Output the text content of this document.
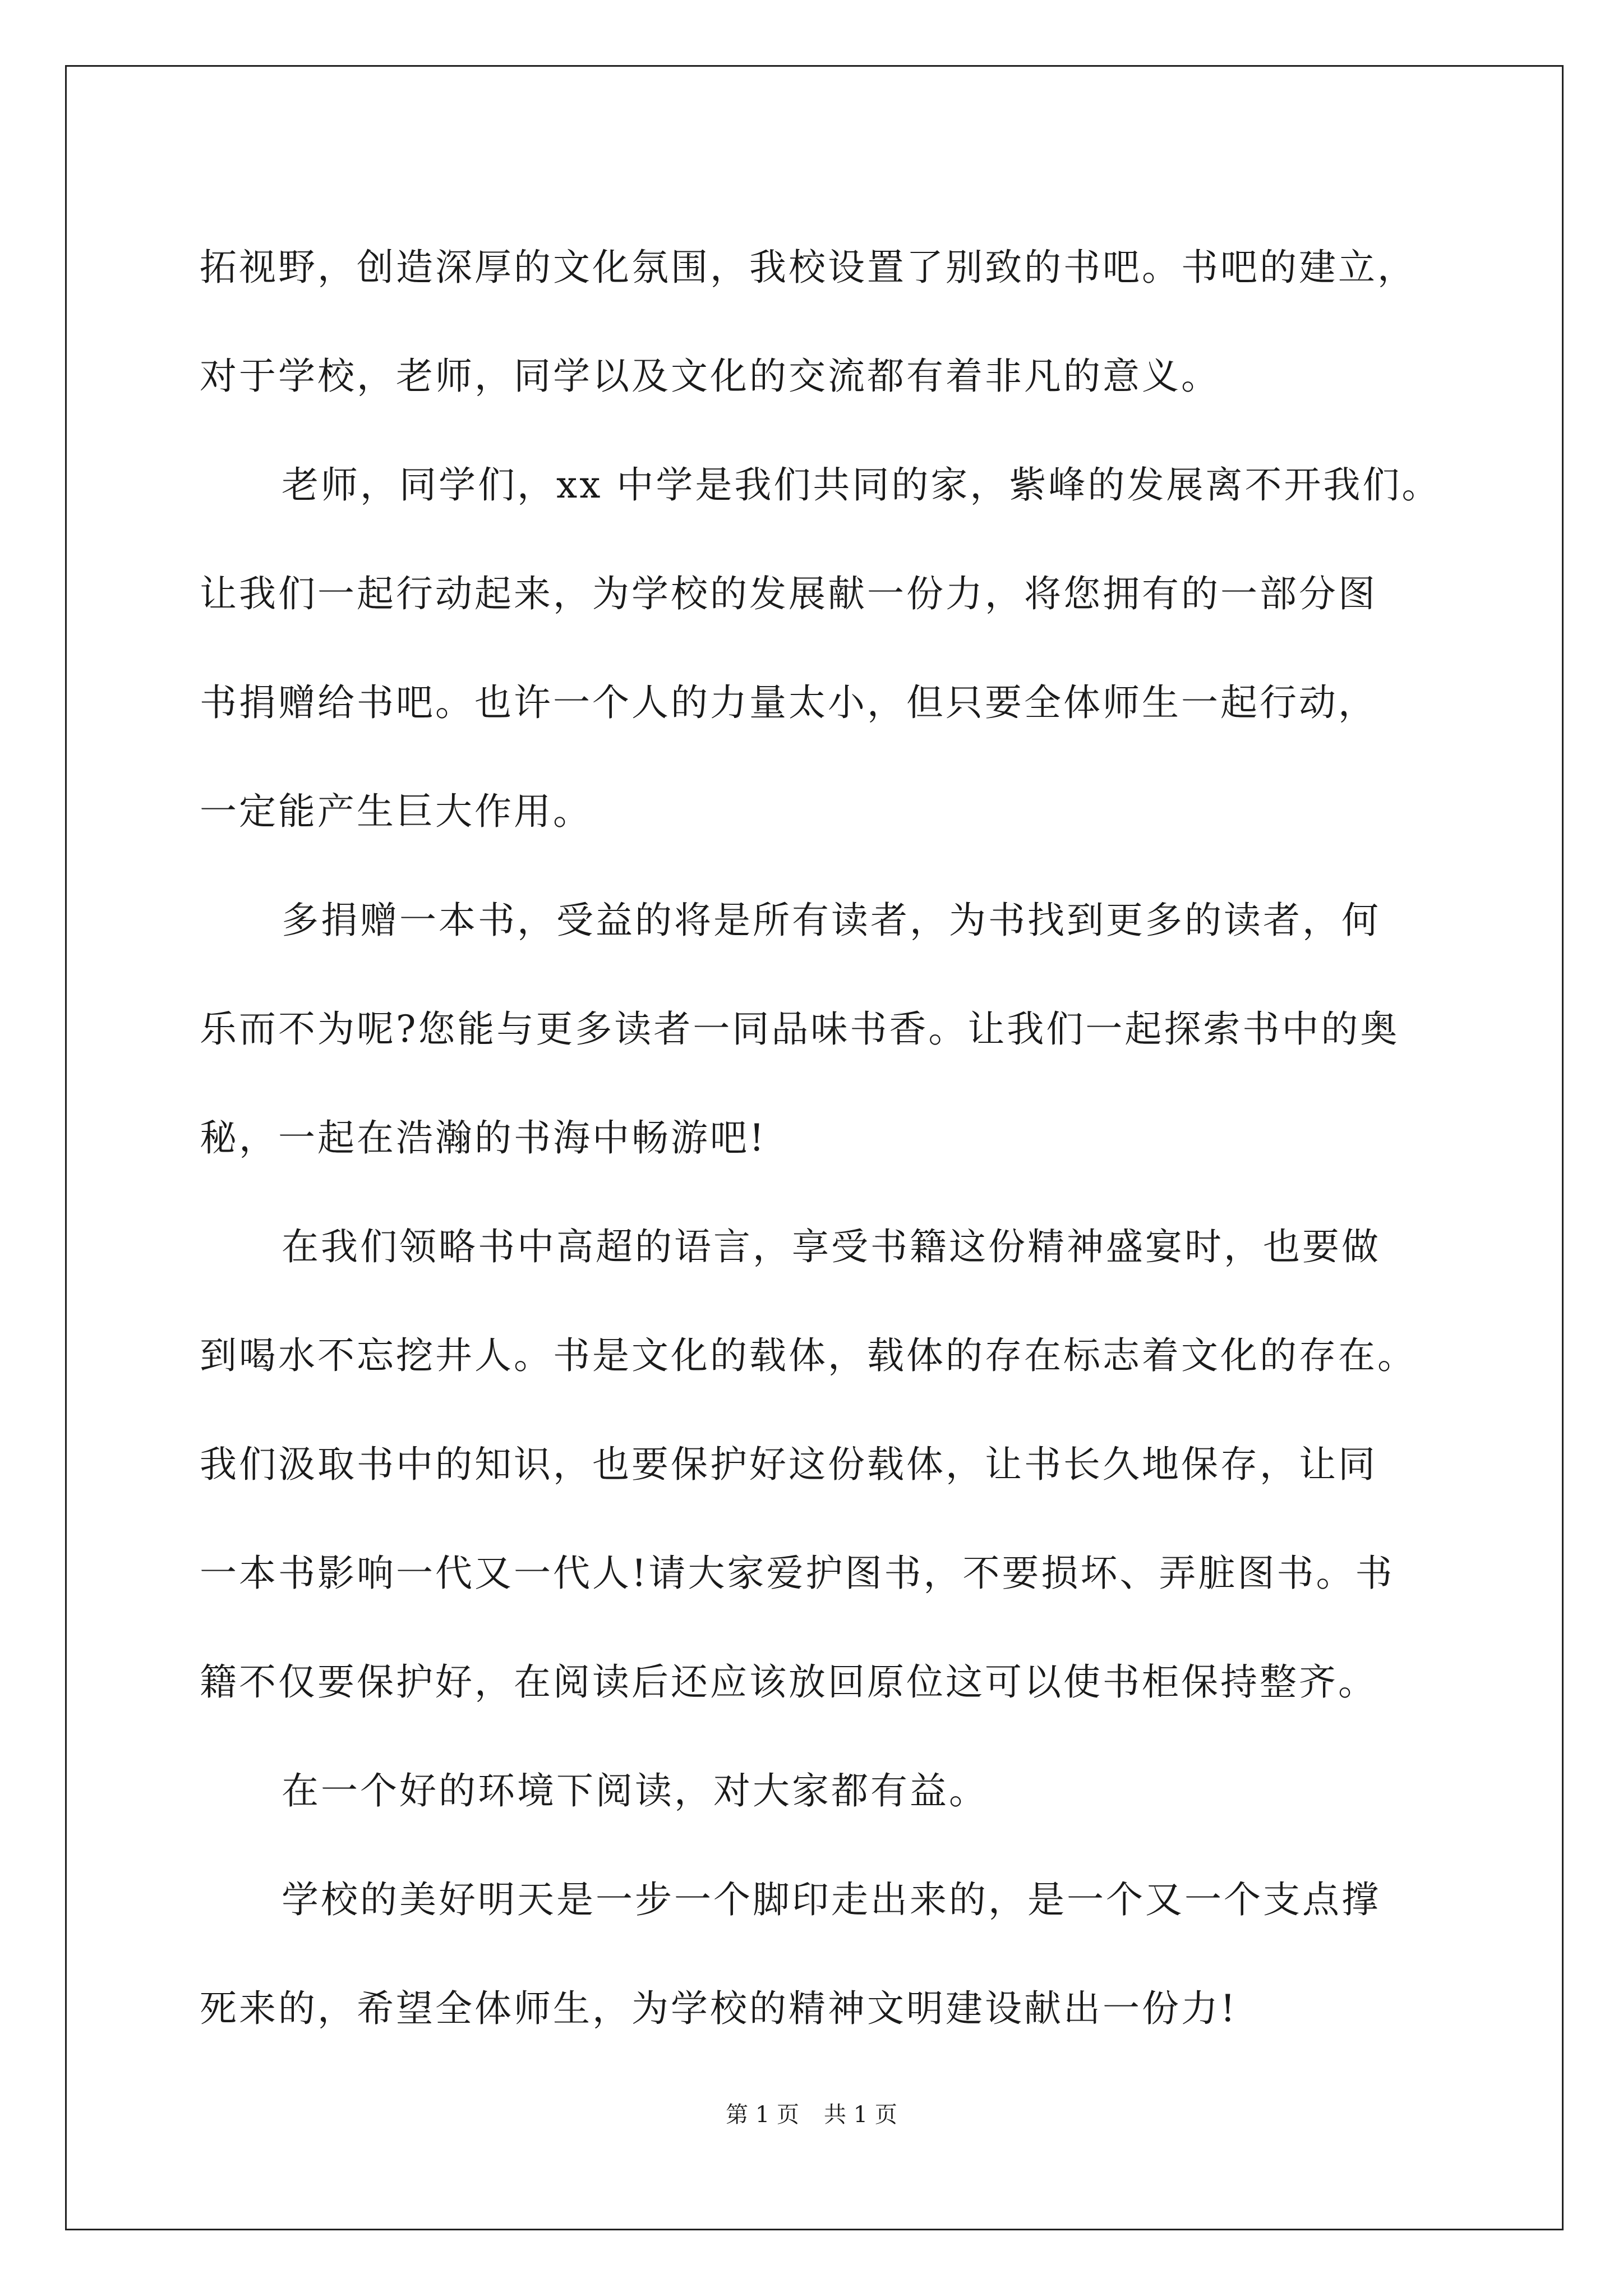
拓视野，创造深厚的文化氛围，我校设置了别致的书吧。书吧的建立，
对于学校，老师，同学以及文化的交流都有着非凡的意义。
老师，同学们，xx 中学是我们共同的家，紫峰的发展离不开我们。
让我们一起行动起来，为学校的发展献一份力，将您拥有的一部分图
书捐赠给书吧。也许一个人的力量太小，但只要全体师生一起行动，
一定能产生巨大作用。
多捐赠一本书，受益的将是所有读者，为书找到更多的读者，何
乐而不为呢?您能与更多读者一同品味书香。让我们一起探索书中的奥
秘，一起在浩瀚的书海中畅游吧!
在我们领略书中高超的语言，享受书籍这份精神盛宴时，也要做
到喝水不忘挖井人。书是文化的载体，载体的存在标志着文化的存在。
我们汲取书中的知识，也要保护好这份载体，让书长久地保存，让同
一本书影响一代又一代人!请大家爱护图书，不要损坏、弄脏图书。书
籍不仅要保护好，在阅读后还应该放回原位这可以使书柜保持整齐。
在一个好的环境下阅读，对大家都有益。
学校的美好明天是一步一个脚印走出来的，是一个又一个支点撑
死来的，希望全体师生，为学校的精神文明建设献出一份力!
第 1 页 共 1 页
